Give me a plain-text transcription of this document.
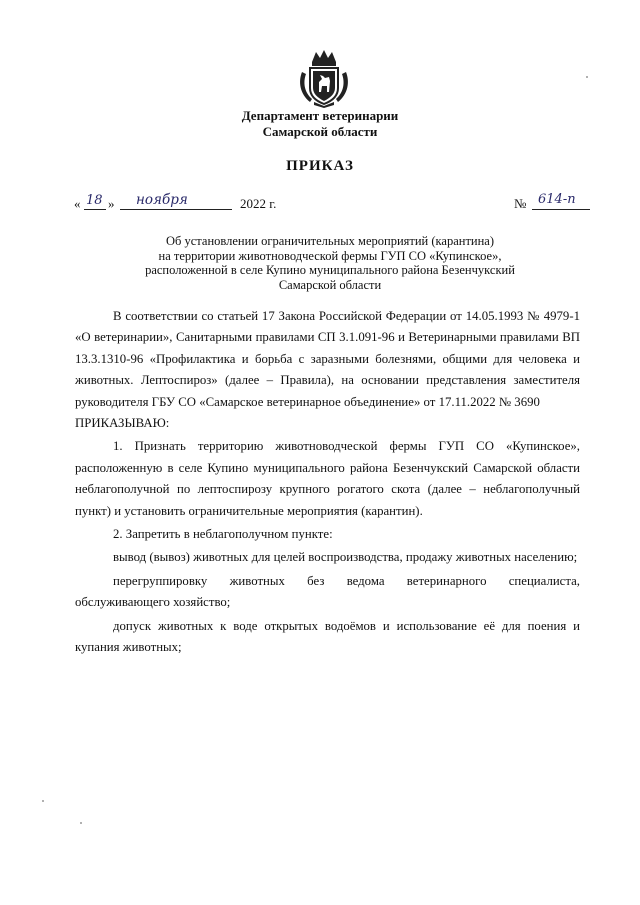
Департамент ветеринарии
Самарской области
ПРИКАЗ
« 18 » ноября	2022 г.	№ 614-п
Об установлении ограничительных мероприятий (карантина)
на территории животноводческой фермы ГУП СО «Купинское»,
расположенной в селе Купино муниципального района Безенчукский
Самарской области

В соответствии со статьей 17 Закона Российской Федерации от 14.05.1993 № 4979-1 «О ветеринарии», Санитарными правилами СП 3.1.091-96 и Ветеринарными правилами ВП 13.3.1310-96 «Профилактика и борьба с заразными болезнями, общими для человека и животных. Лептоспироз» (далее – Правила), на основании представления заместителя руководителя ГБУ СО «Самарское ветеринарное объединение» от 17.11.2022 № 3690

ПРИКАЗЫВАЮ:

1. Признать территорию животноводческой фермы ГУП СО «Купинское», расположенную в селе Купино муниципального района Безенчукский Самарской области неблагополучной по лептоспирозу крупного рогатого скота (далее – неблагополучный пункт) и установить ограничительные мероприятия (карантин).

2. Запретить в неблагополучном пункте:

вывод (вывоз) животных для целей воспроизводства, продажу животных населению;

перегруппировку животных без ведома ветеринарного специалиста, обслуживающего хозяйство;

допуск животных к воде открытых водоёмов и использование её для поения и купания животных;
